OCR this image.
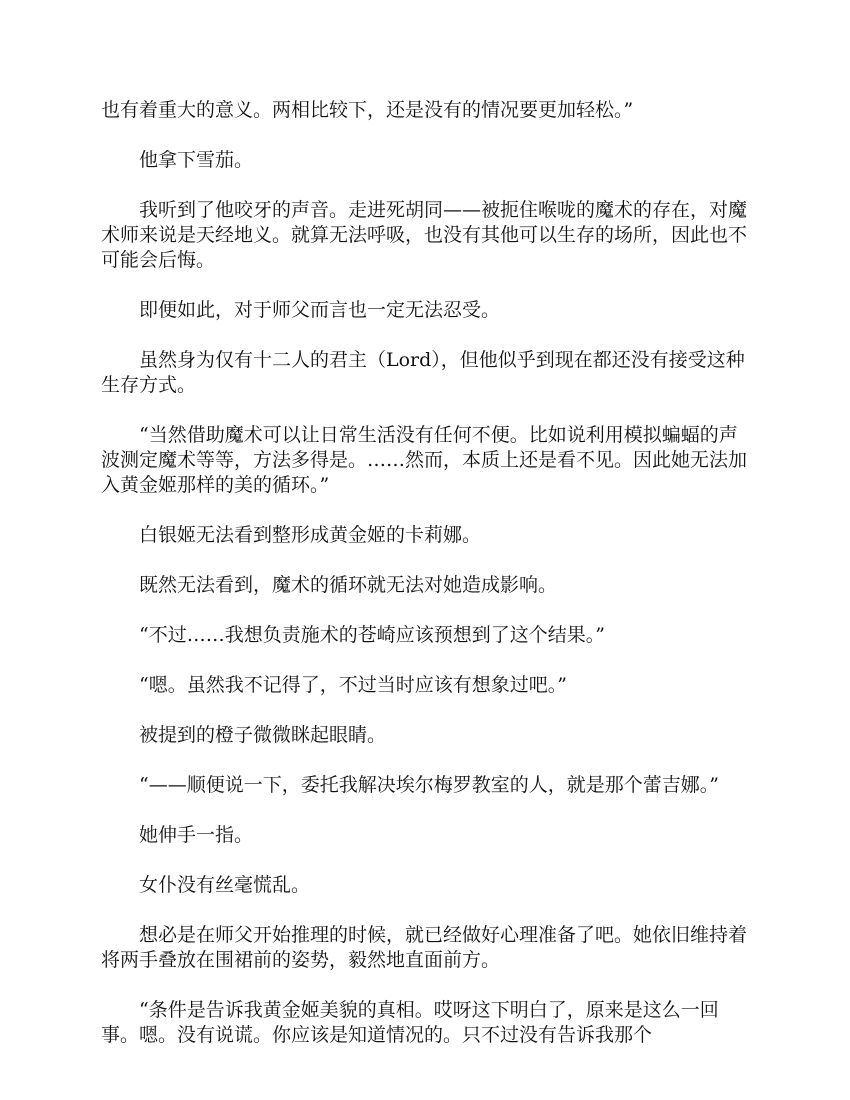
也有着重大的意义。两相比较下，还是没有的情况要更加轻松。”

他拿下雪茄。

我听到了他咬牙的声音。走进死胡同——被扼住喉咙的魔术的存在，对魔术师来说是天经地义。就算无法呼吸，也没有其他可以生存的场所，因此也不可能会后悔。

即便如此，对于师父而言也一定无法忍受。

虽然身为仅有十二人的君主（Lord），但他似乎到现在都还没有接受这种生存方式。

“当然借助魔术可以让日常生活没有任何不便。比如说利用模拟蝙蝠的声波测定魔术等等，方法多得是。……然而，本质上还是看不见。因此她无法加入黄金姬那样的美的循环。”

白银姬无法看到整形成黄金姬的卡莉娜。

既然无法看到，魔术的循环就无法对她造成影响。

“不过……我想负责施术的苍崎应该预想到了这个结果。”

“嗯。虽然我不记得了，不过当时应该有想象过吧。”

被提到的橙子微微眯起眼睛。

“——顺便说一下，委托我解决埃尔梅罗教室的人，就是那个蕾吉娜。”

她伸手一指。

女仆没有丝毫慌乱。

想必是在师父开始推理的时候，就已经做好心理准备了吧。她依旧维持着将两手叠放在围裙前的姿势，毅然地直面前方。

“条件是告诉我黄金姬美貌的真相。哎呀这下明白了，原来是这么一回事。嗯。没有说谎。你应该是知道情况的。只不过没有告诉我那个
